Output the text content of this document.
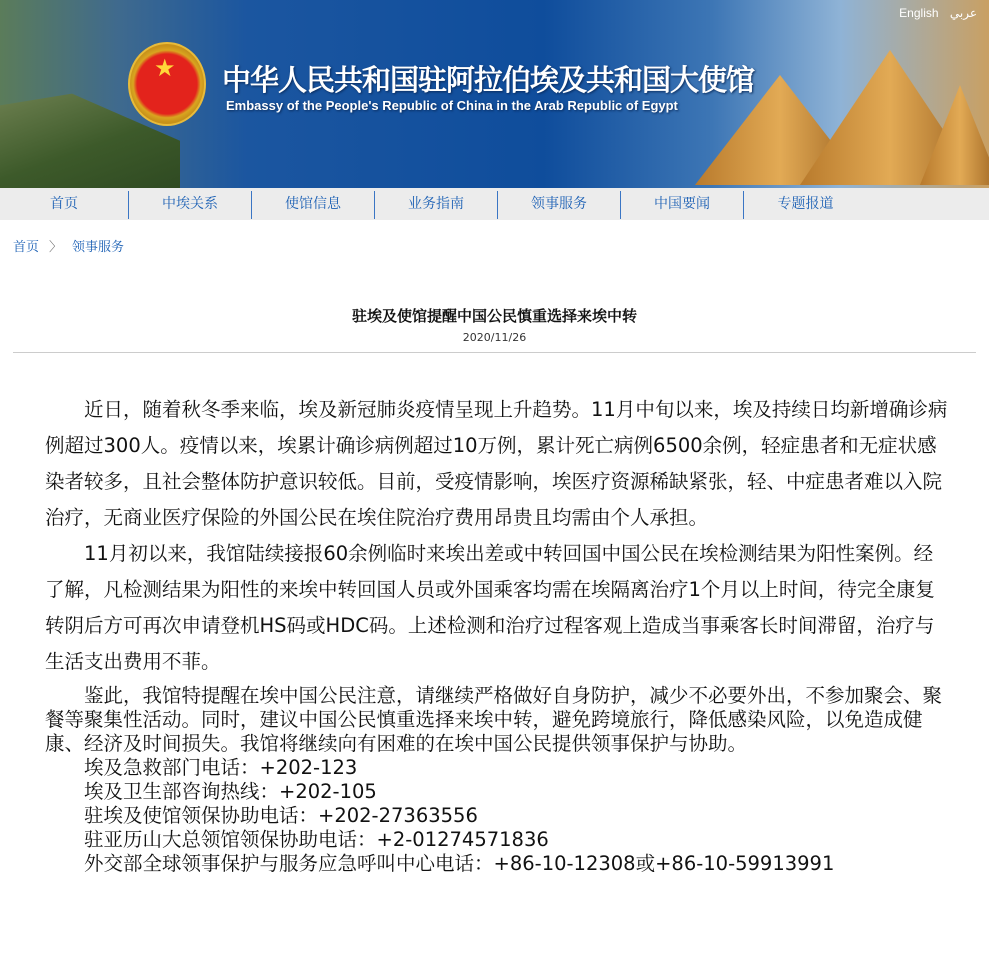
★ 中华人民共和国驻阿拉伯埃及共和国大使馆
Embassy of the People's Republic of China in the Arab Republic of Egypt
English عربي
首页	中埃关系	使馆信息	业务指南	领事服务	中国要闻	专题报道
首页 〉 领事服务
驻埃及使馆提醒中国公民慎重选择来埃中转
2020/11/26

近日，随着秋冬季来临，埃及新冠肺炎疫情呈现上升趋势。11月中旬以来，埃及持续日均新增确诊病例超过300人。疫情以来，埃累计确诊病例超过10万例，累计死亡病例6500余例，轻症患者和无症状感染者较多，且社会整体防护意识较低。目前，受疫情影响，埃医疗资源稀缺紧张，轻、中症患者难以入院治疗，无商业医疗保险的外国公民在埃住院治疗费用昂贵且均需由个人承担。

11月初以来，我馆陆续接报60余例临时来埃出差或中转回国中国公民在埃检测结果为阳性案例。经了解，凡检测结果为阳性的来埃中转回国人员或外国乘客均需在埃隔离治疗1个月以上时间，待完全康复转阴后方可再次申请登机HS码或HDC码。上述检测和治疗过程客观上造成当事乘客长时间滞留，治疗与生活支出费用不菲。

鉴此，我馆特提醒在埃中国公民注意，请继续严格做好自身防护，减少不必要外出，不参加聚会、聚餐等聚集性活动。同时，建议中国公民慎重选择来埃中转，避免跨境旅行，降低感染风险，以免造成健康、经济及时间损失。我馆将继续向有困难的在埃中国公民提供领事保护与协助。

埃及急救部门电话：+202-123
埃及卫生部咨询热线：+202-105
驻埃及使馆领保协助电话：+202-27363556
驻亚历山大总领馆领保协助电话：+2-01274571836
外交部全球领事保护与服务应急呼叫中心电话：+86-10-12308或+86-10-59913991
